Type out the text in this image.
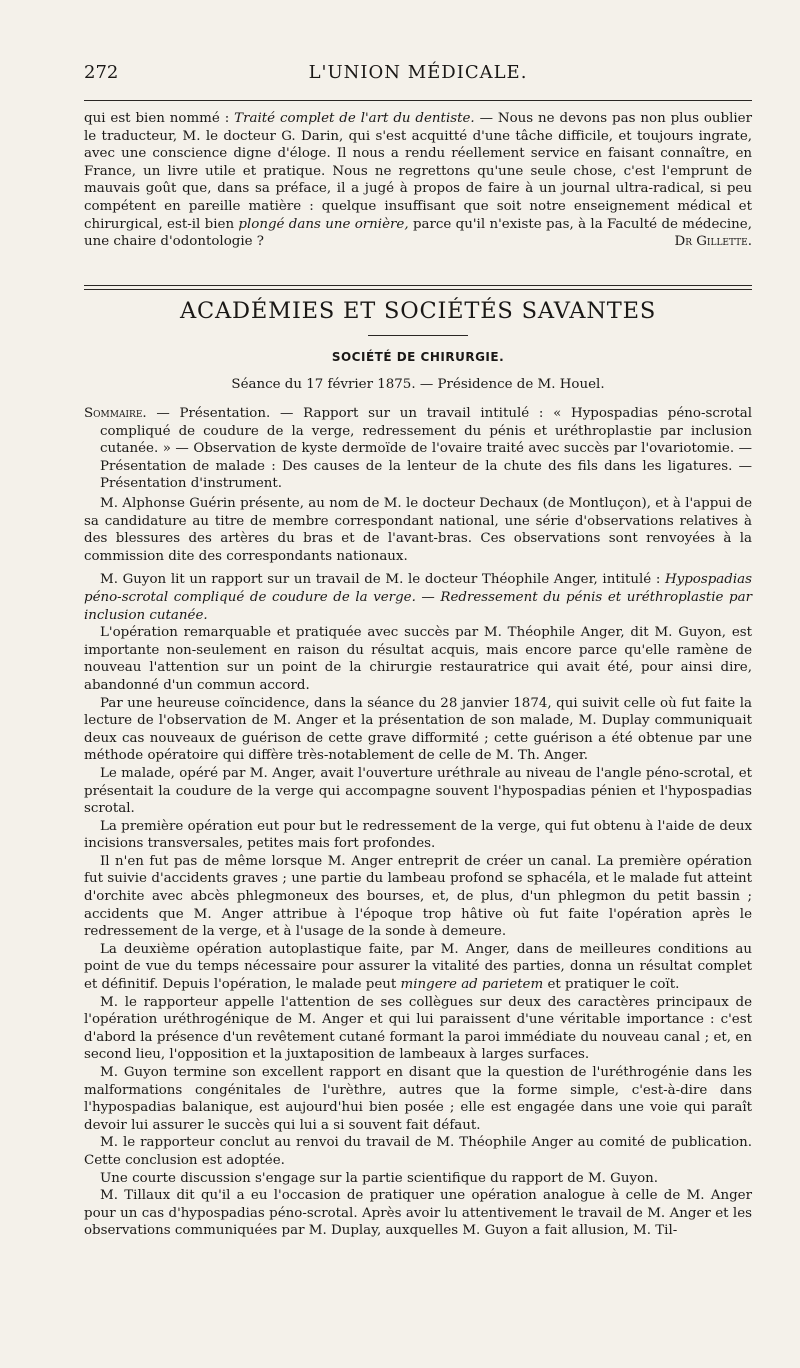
272	L'UNION MÉDICALE.

qui est bien nommé : Traité complet de l'art du dentiste. — Nous ne devons pas non plus oublier le traducteur, M. le docteur G. Darin, qui s'est acquitté d'une tâche difficile, et toujours ingrate, avec une conscience digne d'éloge. Il nous a rendu réellement service en faisant connaître, en France, un livre utile et pratique. Nous ne regrettons qu'une seule chose, c'est l'emprunt de mauvais goût que, dans sa préface, il a jugé à propos de faire à un journal ultra-radical, si peu compétent en pareille matière : quelque insuffisant que soit notre enseignement médical et chirurgical, est-il bien plongé dans une ornière, parce qu'il n'existe pas, à la Faculté de médecine, une chaire d'odontologie ?	Dr Gillette.
ACADÉMIES ET SOCIÉTÉS SAVANTES
SOCIÉTÉ DE CHIRURGIE.
Séance du 17 février 1875. — Présidence de M. Houel.

Sommaire. — Présentation. — Rapport sur un travail intitulé : « Hypospadias péno-scrotal compliqué de coudure de la verge, redressement du pénis et uréthroplastie par inclusion cutanée. » — Observation de kyste dermoïde de l'ovaire traité avec succès par l'ovariotomie. — Présentation de malade : Des causes de la lenteur de la chute des fils dans les ligatures. — Présentation d'instrument.

M. Alphonse Guérin présente, au nom de M. le docteur Dechaux (de Montluçon), et à l'appui de sa candidature au titre de membre correspondant national, une série d'observations relatives à des blessures des artères du bras et de l'avant-bras. Ces observations sont renvoyées à la commission dite des correspondants nationaux.

M. Guyon lit un rapport sur un travail de M. le docteur Théophile Anger, intitulé : Hypospadias péno-scrotal compliqué de coudure de la verge. — Redressement du pénis et uréthroplastie par inclusion cutanée.

L'opération remarquable et pratiquée avec succès par M. Théophile Anger, dit M. Guyon, est importante non-seulement en raison du résultat acquis, mais encore parce qu'elle ramène de nouveau l'attention sur un point de la chirurgie restauratrice qui avait été, pour ainsi dire, abandonné d'un commun accord.

Par une heureuse coïncidence, dans la séance du 28 janvier 1874, qui suivit celle où fut faite la lecture de l'observation de M. Anger et la présentation de son malade, M. Duplay communiquait deux cas nouveaux de guérison de cette grave difformité ; cette guérison a été obtenue par une méthode opératoire qui diffère très-notablement de celle de M. Th. Anger.

Le malade, opéré par M. Anger, avait l'ouverture uréthrale au niveau de l'angle péno-scrotal, et présentait la coudure de la verge qui accompagne souvent l'hypospadias pénien et l'hypospadias scrotal.

La première opération eut pour but le redressement de la verge, qui fut obtenu à l'aide de deux incisions transversales, petites mais fort profondes.

Il n'en fut pas de même lorsque M. Anger entreprit de créer un canal. La première opération fut suivie d'accidents graves ; une partie du lambeau profond se sphacéla, et le malade fut atteint d'orchite avec abcès phlegmoneux des bourses, et, de plus, d'un phlegmon du petit bassin ; accidents que M. Anger attribue à l'époque trop hâtive où fut faite l'opération après le redressement de la verge, et à l'usage de la sonde à demeure.

La deuxième opération autoplastique faite, par M. Anger, dans de meilleures conditions au point de vue du temps nécessaire pour assurer la vitalité des parties, donna un résultat complet et définitif. Depuis l'opération, le malade peut mingere ad parietem et pratiquer le coït.

M. le rapporteur appelle l'attention de ses collègues sur deux des caractères principaux de l'opération uréthrogénique de M. Anger et qui lui paraissent d'une véritable importance : c'est d'abord la présence d'un revêtement cutané formant la paroi immédiate du nouveau canal ; et, en second lieu, l'opposition et la juxtaposition de lambeaux à larges surfaces.

M. Guyon termine son excellent rapport en disant que la question de l'uréthrogénie dans les malformations congénitales de l'urèthre, autres que la forme simple, c'est-à-dire dans l'hypospadias balanique, est aujourd'hui bien posée ; elle est engagée dans une voie qui paraît devoir lui assurer le succès qui lui a si souvent fait défaut.

M. le rapporteur conclut au renvoi du travail de M. Théophile Anger au comité de publication. Cette conclusion est adoptée.

Une courte discussion s'engage sur la partie scientifique du rapport de M. Guyon.

M. Tillaux dit qu'il a eu l'occasion de pratiquer une opération analogue à celle de M. Anger pour un cas d'hypospadias péno-scrotal. Après avoir lu attentivement le travail de M. Anger et les observations communiquées par M. Duplay, auxquelles M. Guyon a fait allusion, M. Til-
